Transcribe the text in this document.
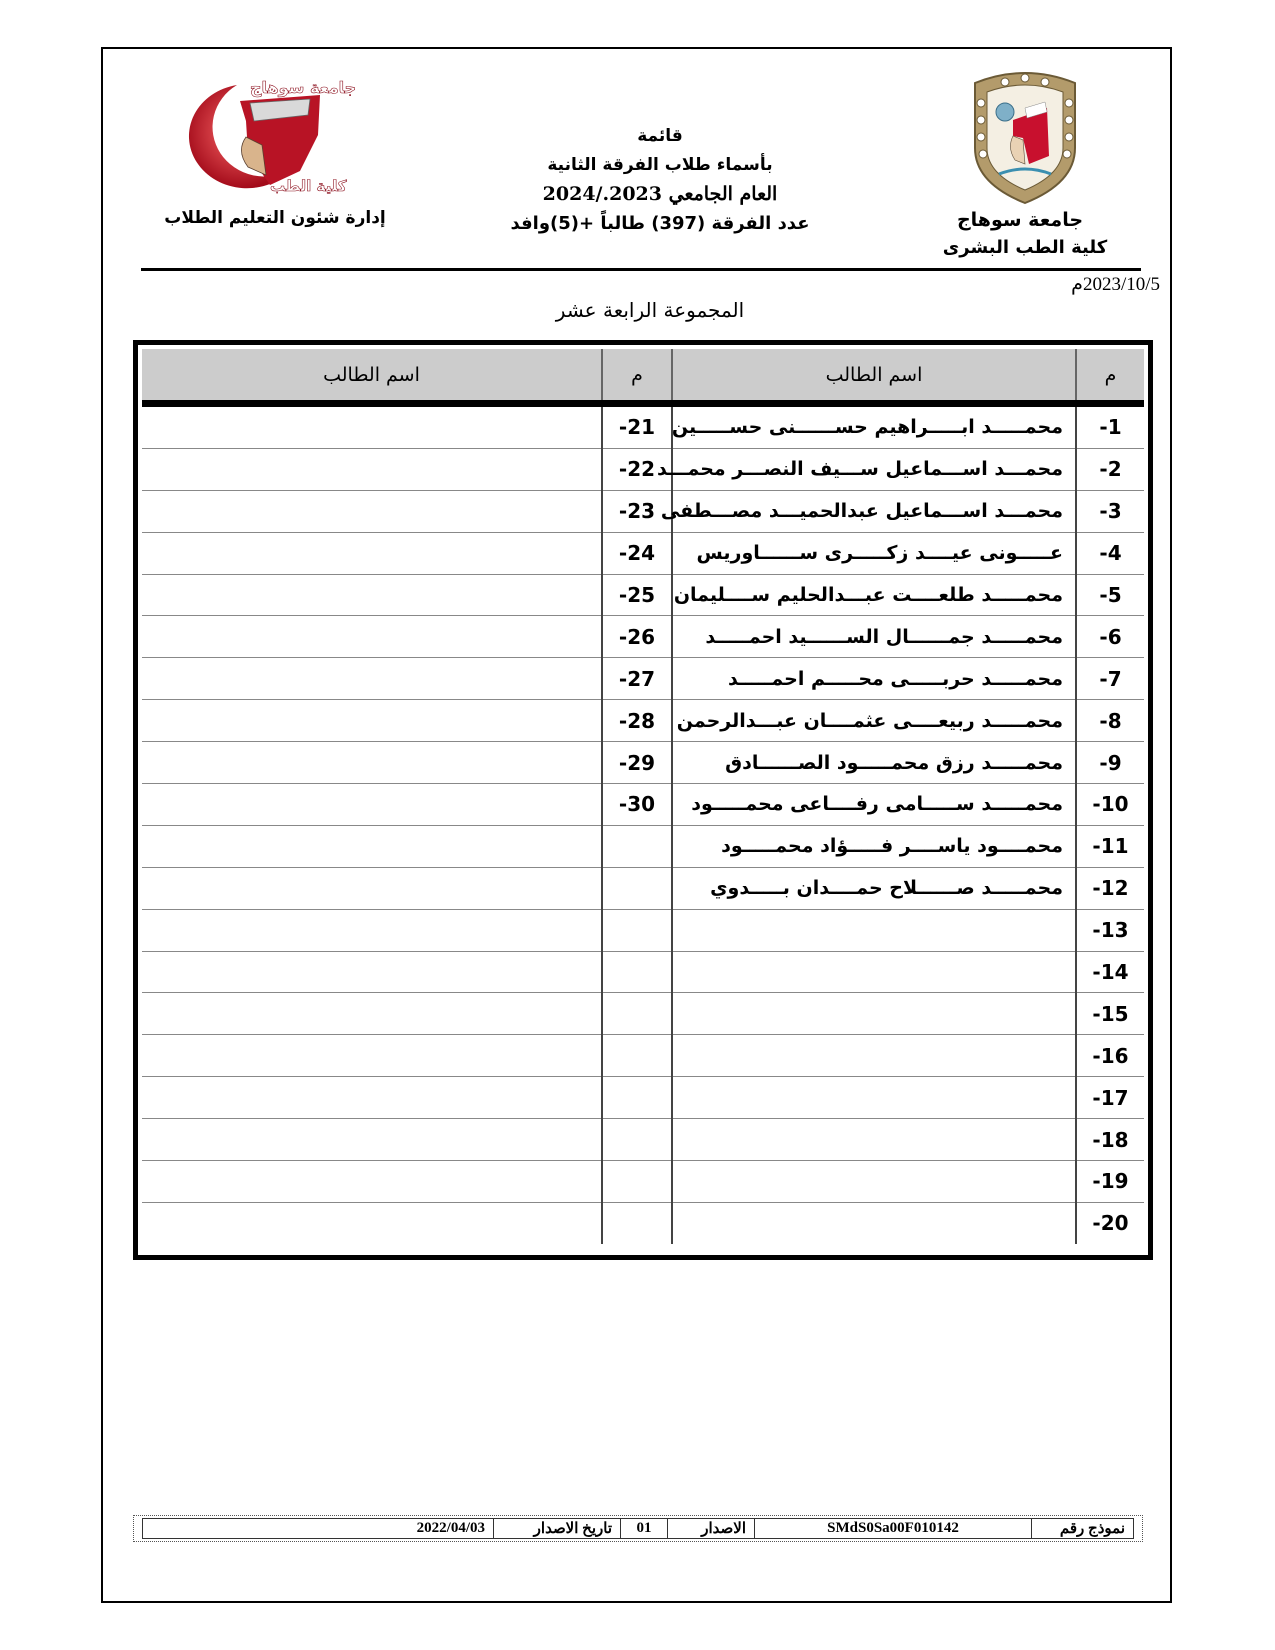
جامعة سوهاج
كلية الطب البشرى
جامعة سوهاج
كلية الطب
إدارة شئون التعليم الطلاب
قائمة
بأسماء طلاب الفرقة الثانية
العام الجامعي 2023./2024
عدد الفرقة (397) طالباً +(5)وافد
2023/10/5م
المجموعة الرابعة عشر
م	اسم الطالب	م	اسم الطالب
-1	محمـــــد ابـــــراهيم حســــــنى حســـــين	-21	
-2	محمـــد اســـماعيل ســـيف النصـــر محمـــد	-22	
-3	محمـــد اســـماعيل عبدالحميـــد مصـــطفى	-23	
-4	عـــــونى عيــــد زكـــــرى ســــــاوريس	-24	
-5	محمـــــد طلعــــت عبـــدالحليم ســــليمان	-25	
-6	محمـــــد جمــــــال الســــــيد احمـــــد	-26	
-7	محمـــــد حربـــــى محـــــم احمـــــد	-27	
-8	محمـــــد ربيعــــى عثمــــان عبـــدالرحمن	-28	
-9	محمـــــد رزق محمـــــود الصــــــادق	-29	
-10	محمـــــد ســـــامى رفــــاعى محمـــــود	-30	
-11	محمــــود ياســــر فـــــؤاد محمـــــود		
-12	محمـــــد صــــــلاح حمــــدان بـــــدوي		
-13			
-14			
-15			
-16			
-17			
-18			
-19			
-20			
نموذج رقم	SMdS0Sa00F010142	الاصدار	01	تاريخ الاصدار	2022/04/03
